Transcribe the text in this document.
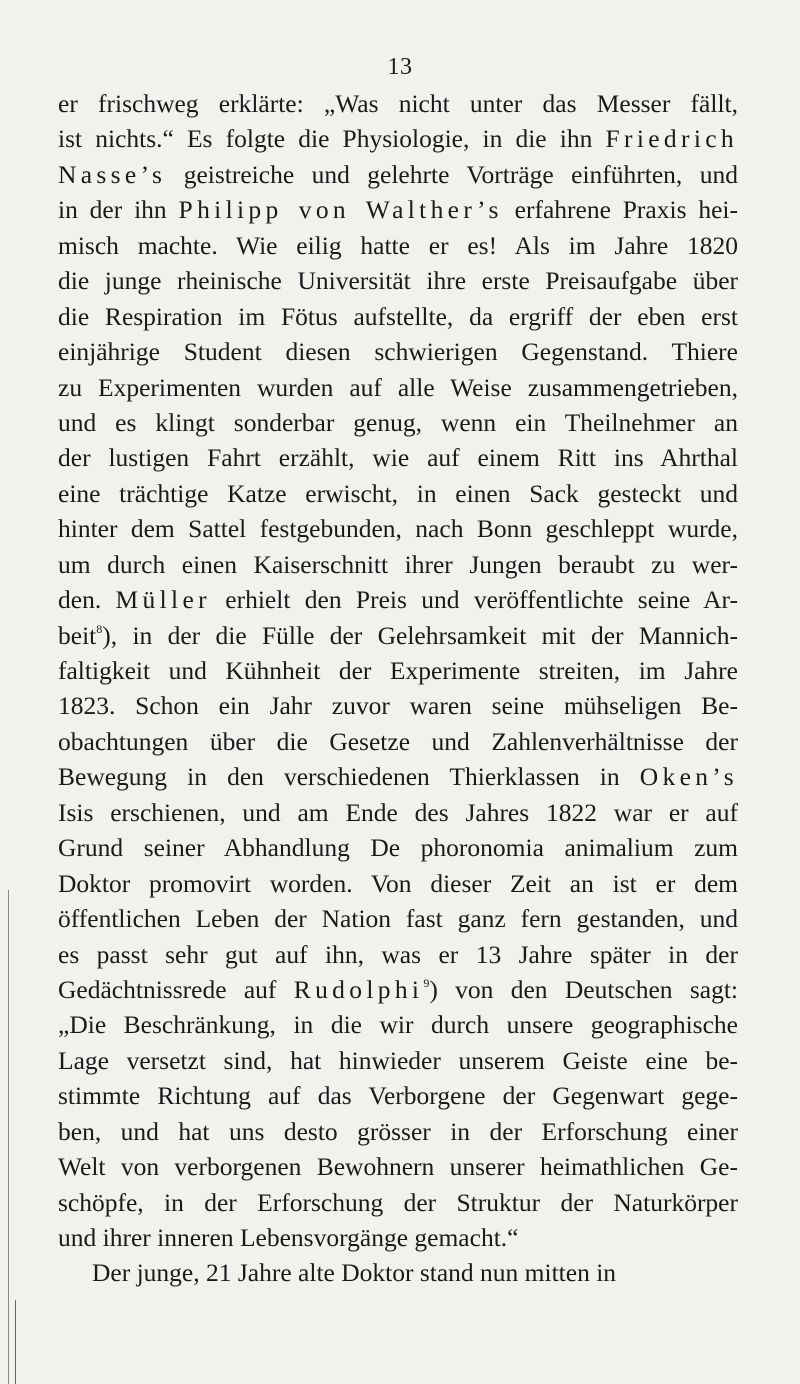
13
er frischweg erklärte: „Was nicht unter das Messer fällt,
ist nichts.“ Es folgte die Physiologie, in die ihn Friedrich
Nasse’s geistreiche und gelehrte Vorträge einführten, und
in der ihn Philipp von Walther’s erfahrene Praxis hei-
misch machte. Wie eilig hatte er es! Als im Jahre 1820
die junge rheinische Universität ihre erste Preisaufgabe über
die Respiration im Fötus aufstellte, da ergriff der eben erst
einjährige Student diesen schwierigen Gegenstand. Thiere
zu Experimenten wurden auf alle Weise zusammengetrieben,
und es klingt sonderbar genug, wenn ein Theilnehmer an
der lustigen Fahrt erzählt, wie auf einem Ritt ins Ahrthal
eine trächtige Katze erwischt, in einen Sack gesteckt und
hinter dem Sattel festgebunden, nach Bonn geschleppt wurde,
um durch einen Kaiserschnitt ihrer Jungen beraubt zu wer-
den. Müller erhielt den Preis und veröffentlichte seine Ar-
beit$^8$), in der die Fülle der Gelehrsamkeit mit der Mannich-
faltigkeit und Kühnheit der Experimente streiten, im Jahre
1823. Schon ein Jahr zuvor waren seine mühseligen Be-
obachtungen über die Gesetze und Zahlenverhältnisse der
Bewegung in den verschiedenen Thierklassen in Oken’s
Isis erschienen, und am Ende des Jahres 1822 war er auf
Grund seiner Abhandlung De phoronomia animalium zum
Doktor promovirt worden. Von dieser Zeit an ist er dem
öffentlichen Leben der Nation fast ganz fern gestanden, und
es passt sehr gut auf ihn, was er 13 Jahre später in der
Gedächtnissrede auf Rudolphi$^9$) von den Deutschen sagt:
„Die Beschränkung, in die wir durch unsere geographische
Lage versetzt sind, hat hinwieder unserem Geiste eine be-
stimmte Richtung auf das Verborgene der Gegenwart gege-
ben, und hat uns desto grösser in der Erforschung einer
Welt von verborgenen Bewohnern unserer heimathlichen Ge-
schöpfe, in der Erforschung der Struktur der Naturkörper
und ihrer inneren Lebensvorgänge gemacht.“
Der junge, 21 Jahre alte Doktor stand nun mitten in
